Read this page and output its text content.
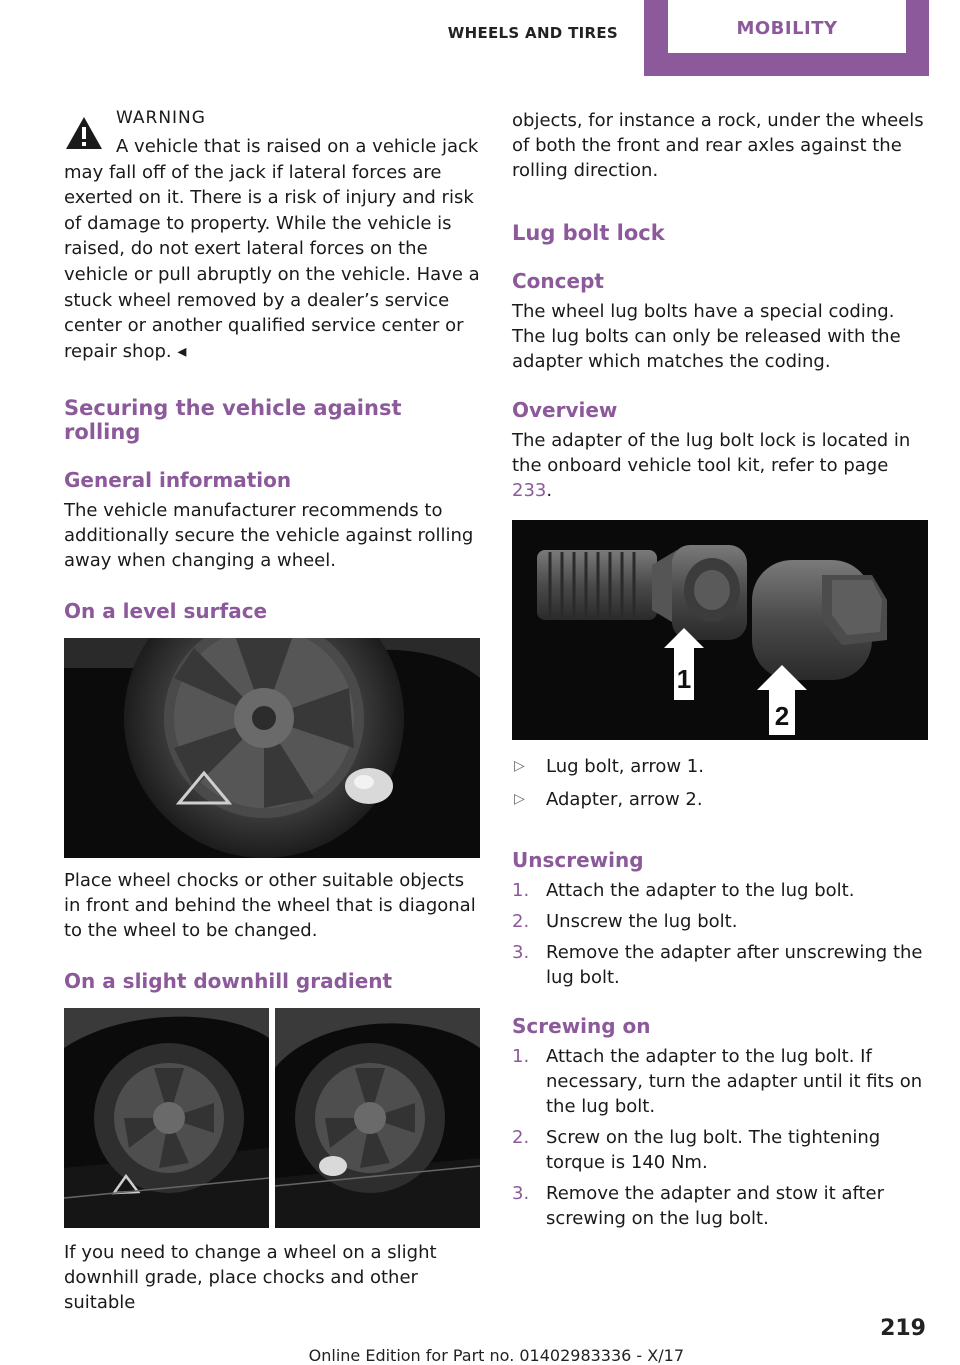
WHEELS AND TIRES	MOBILITY
WARNING

A vehicle that is raised on a vehicle jack may fall off of the jack if lateral forces are exerted on it. There is a risk of injury and risk of damage to property. While the vehicle is raised, do not exert lateral forces on the vehicle or pull abruptly on the vehicle. Have a stuck wheel removed by a dealer’s service center or another qualified service center or repair shop. ◂

Securing the vehicle against rolling
General information

The vehicle manufacturer recommends to additionally secure the vehicle against rolling away when changing a wheel.

On a level surface

Place wheel chocks or other suitable objects in front and behind the wheel that is diagonal to the wheel to be changed.

On a slight downhill gradient

If you need to change a wheel on a slight downhill grade, place chocks and other suitable

objects, for instance a rock, under the wheels of both the front and rear axles against the rolling direction.

Lug bolt lock
Concept

The wheel lug bolts have a special coding. The lug bolts can only be released with the adapter which matches the coding.

Overview

The adapter of the lug bolt lock is located in the onboard vehicle tool kit, refer to page 233.

1
2
▷ Lug bolt, arrow 1.
▷ Adapter, arrow 2.
Unscrewing
1. Attach the adapter to the lug bolt.
2. Unscrew the lug bolt.
3. Remove the adapter after unscrewing the lug bolt.
Screwing on
1. Attach the adapter to the lug bolt. If necessary, turn the adapter until it fits on the lug bolt.
2. Screw on the lug bolt. The tightening torque is 140 Nm.
3. Remove the adapter and stow it after screwing on the lug bolt.
219
Online Edition for Part no. 01402983336 - X/17
